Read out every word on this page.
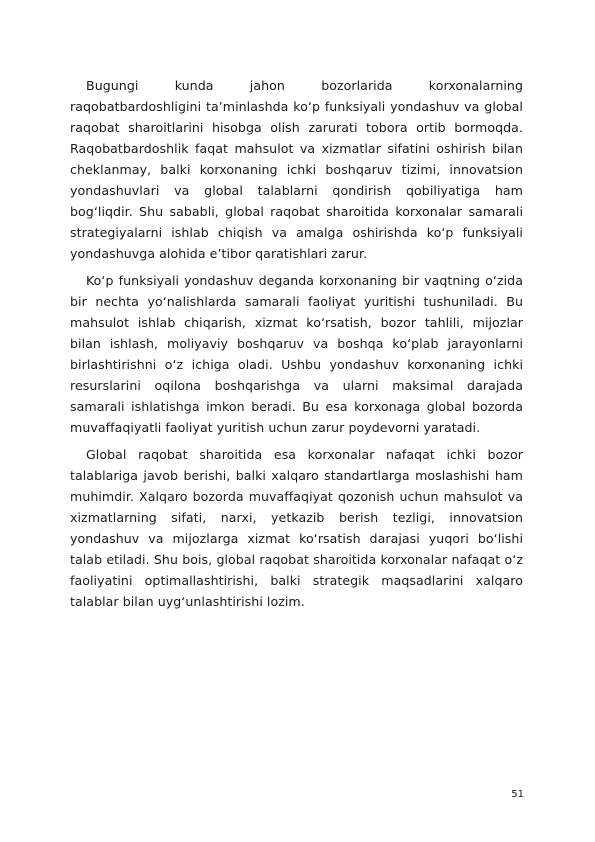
Bugungi kunda jahon bozorlarida korxonalarning raqobatbardoshligini ta’minlashda ko‘p funksiyali yondashuv va global raqobat sharoitlarini hisobga olish zarurati tobora ortib bormoqda. Raqobatbardoshlik faqat mahsulot va xizmatlar sifatini oshirish bilan cheklanmay, balki korxonaning ichki boshqaruv tizimi, innovatsion yondashuvlari va global talablarni qondirish qobiliyatiga ham bog‘liqdir. Shu sababli, global raqobat sharoitida korxonalar samarali strategiyalarni ishlab chiqish va amalga oshirishda ko‘p funksiyali yondashuvga alohida e’tibor qaratishlari zarur.

Ko‘p funksiyali yondashuv deganda korxonaning bir vaqtning o‘zida bir nechta yo‘nalishlarda samarali faoliyat yuritishi tushuniladi. Bu mahsulot ishlab chiqarish, xizmat ko‘rsatish, bozor tahlili, mijozlar bilan ishlash, moliyaviy boshqaruv va boshqa ko‘plab jarayonlarni birlashtirishni o‘z ichiga oladi. Ushbu yondashuv korxonaning ichki resurslarini oqilona boshqarishga va ularni maksimal darajada samarali ishlatishga imkon beradi. Bu esa korxonaga global bozorda muvaffaqiyatli faoliyat yuritish uchun zarur poydevorni yaratadi.

Global raqobat sharoitida esa korxonalar nafaqat ichki bozor talablariga javob berishi, balki xalqaro standartlarga moslashishi ham muhimdir. Xalqaro bozorda muvaffaqiyat qozonish uchun mahsulot va xizmatlarning sifati, narxi, yetkazib berish tezligi, innovatsion yondashuv va mijozlarga xizmat ko‘rsatish darajasi yuqori bo‘lishi talab etiladi. Shu bois, global raqobat sharoitida korxonalar nafaqat o‘z faoliyatini optimallashtirishi, balki strategik maqsadlarini xalqaro talablar bilan uyg‘unlashtirishi lozim.

51
